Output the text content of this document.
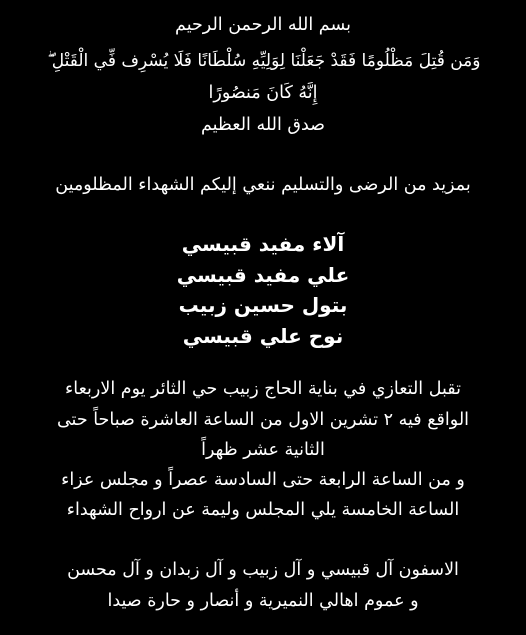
بسم الله الرحمن الرحيم
وَمَن قُتِلَ مَظْلُومًا فَقَدْ جَعَلْنَا لِوَلِيِّهِ سُلْطَانًا فَلَا يُسْرِف فِّي الْقَتْلِ ۖ
إِنَّهُ كَانَ مَنصُورًا
صدق الله العظيم
بمزيد من الرضى والتسليم ننعي إليكم الشهداء المظلومين
آلاء مفيد قبيسي
علي مفيد قبيسي
بتول حسين زبيب
نوح علي قبيسي
تقبل التعازي في بناية الحاج زبيب حي الثائر يوم الاربعاء
الواقع فيه ٢ تشرين الاول من الساعة العاشرة صباحاً حتى
الثانية عشر ظهراً
و من الساعة الرابعة حتى السادسة عصراً و مجلس عزاء
الساعة الخامسة يلي المجلس وليمة عن ارواح الشهداء
الاسفون آل قبيسي و آل زبيب و آل زبدان و آل محسن
و عموم اهالي النميرية و أنصار و حارة صيدا
